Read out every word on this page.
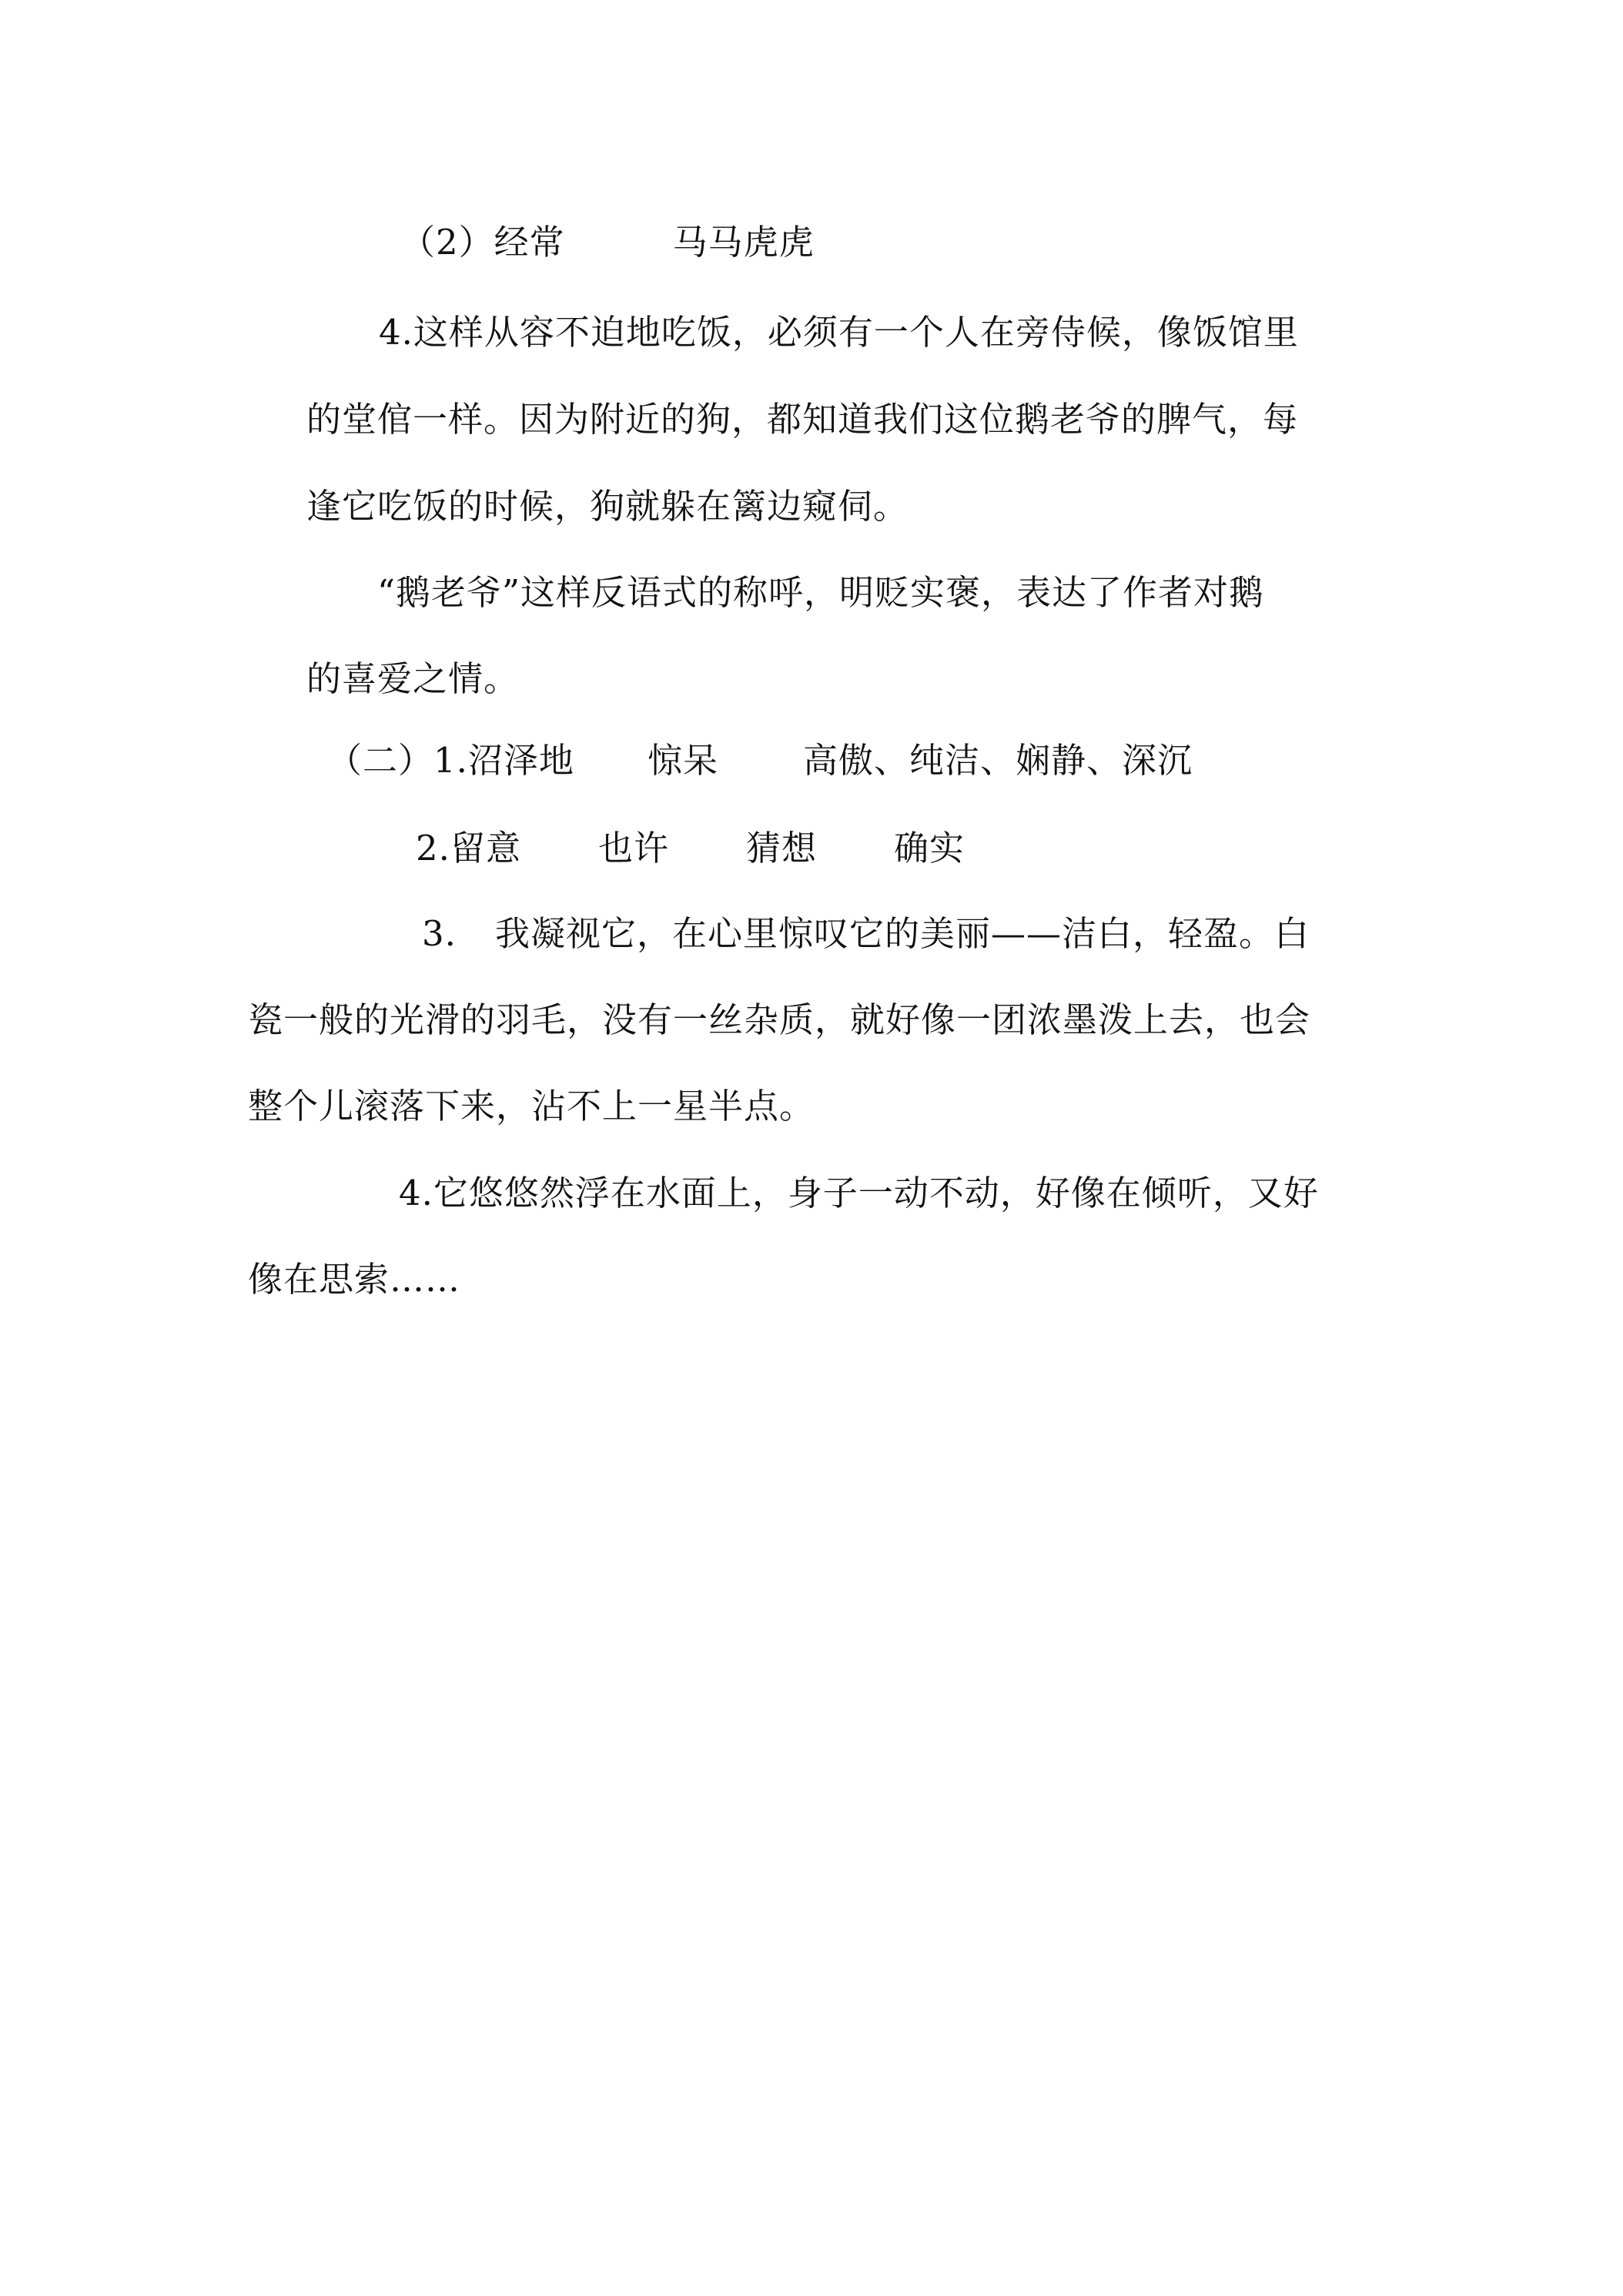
（2）经常	马马虎虎
4.这样从容不迫地吃饭，必须有一个人在旁侍候，像饭馆里
的堂倌一样。因为附近的狗，都知道我们这位鹅老爷的脾气，每
逢它吃饭的时候，狗就躲在篱边窥伺。
“鹅老爷”这样反语式的称呼，明贬实褒，表达了作者对鹅
的喜爱之情。
（二）1.沼泽地 惊呆 高傲、纯洁、娴静、深沉
2.留意 也许 猜想 确实
3. 我凝视它，在心里惊叹它的美丽——洁白，轻盈。白
瓷一般的光滑的羽毛，没有一丝杂质，就好像一团浓墨泼上去，也会
整个儿滚落下来，沾不上一星半点。
4.它悠悠然浮在水面上，身子一动不动，好像在倾听，又好
像在思索……
